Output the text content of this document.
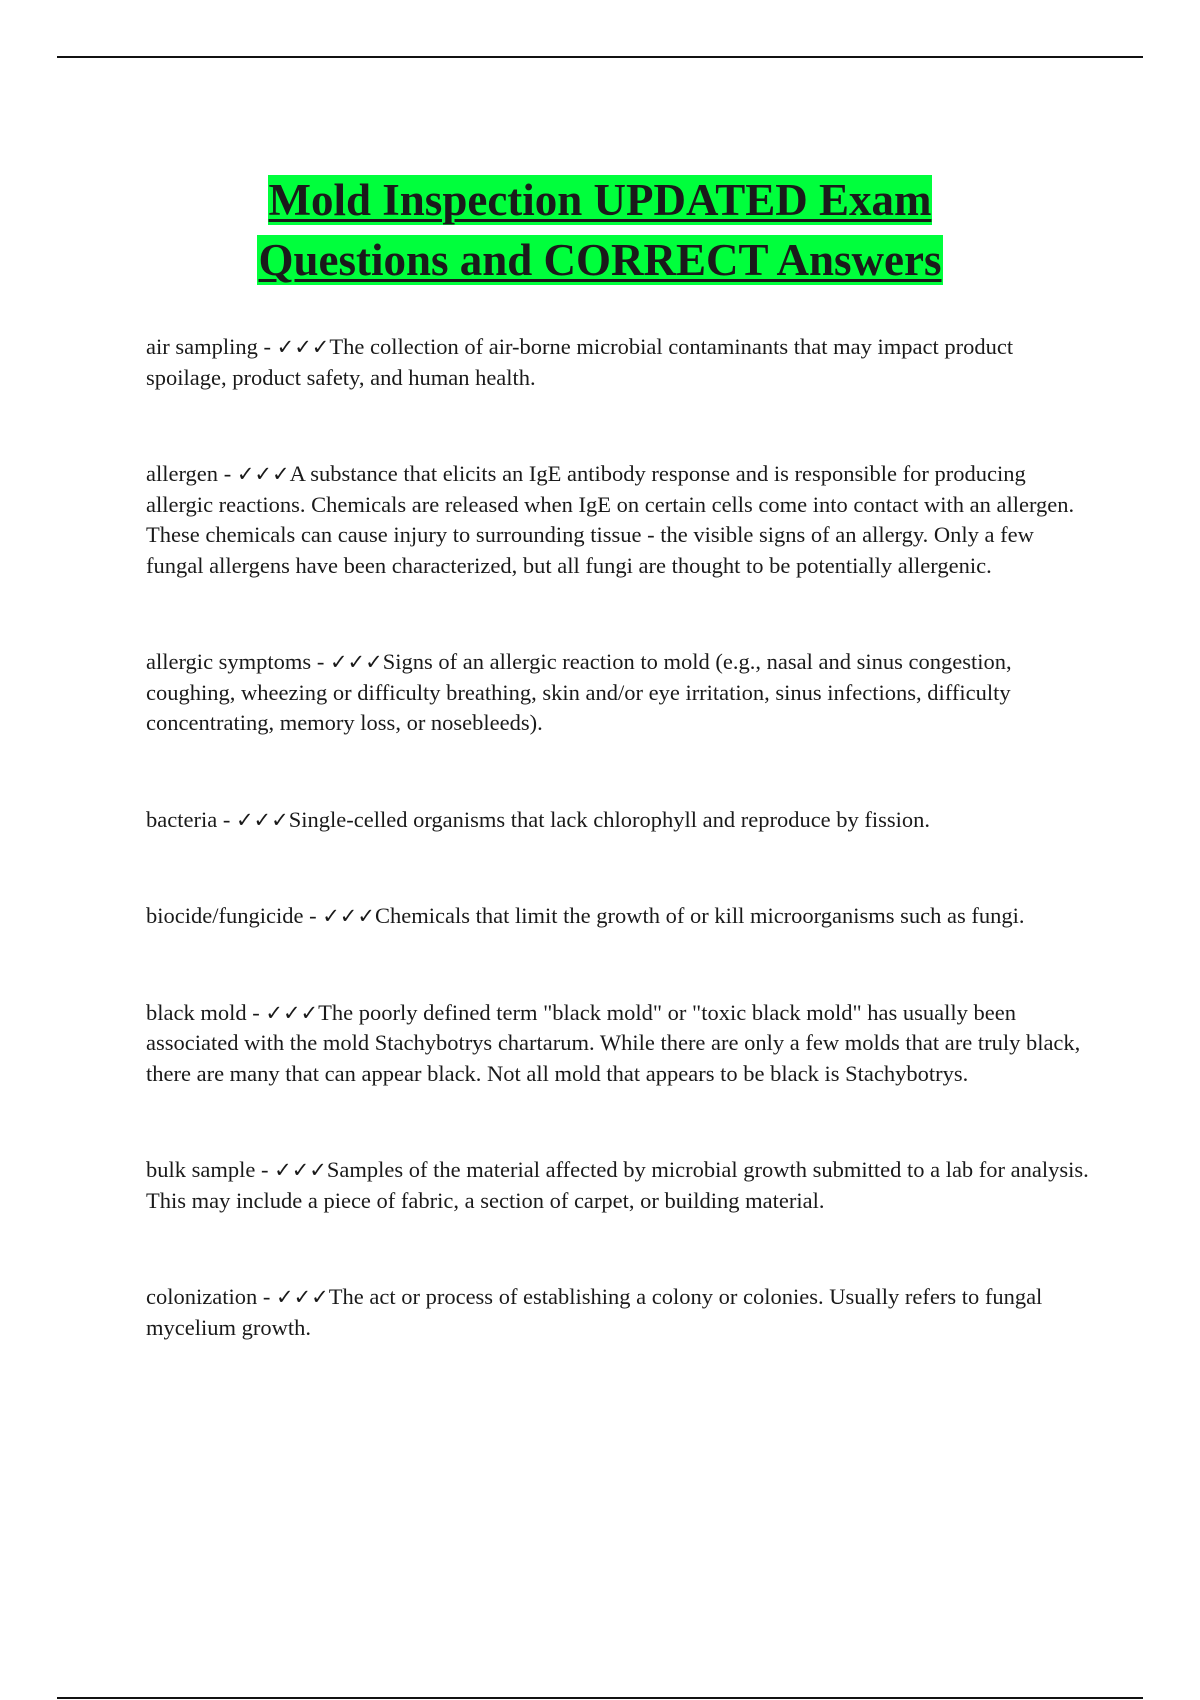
Mold Inspection UPDATED Exam
Questions and CORRECT Answers

air sampling - ✓✓✓The collection of air-borne microbial contaminants that may impact product spoilage, product safety, and human health.

allergen - ✓✓✓A substance that elicits an IgE antibody response and is responsible for producing allergic reactions. Chemicals are released when IgE on certain cells come into contact with an allergen. These chemicals can cause injury to surrounding tissue - the visible signs of an allergy. Only a few fungal allergens have been characterized, but all fungi are thought to be potentially allergenic.

allergic symptoms - ✓✓✓Signs of an allergic reaction to mold (e.g., nasal and sinus congestion, coughing, wheezing or difficulty breathing, skin and/or eye irritation, sinus infections, difficulty concentrating, memory loss, or nosebleeds).

bacteria - ✓✓✓Single-celled organisms that lack chlorophyll and reproduce by fission.

biocide/fungicide - ✓✓✓Chemicals that limit the growth of or kill microorganisms such as fungi.

black mold - ✓✓✓The poorly defined term "black mold" or "toxic black mold" has usually been associated with the mold Stachybotrys chartarum. While there are only a few molds that are truly black, there are many that can appear black. Not all mold that appears to be black is Stachybotrys.

bulk sample - ✓✓✓Samples of the material affected by microbial growth submitted to a lab for analysis. This may include a piece of fabric, a section of carpet, or building material.

colonization - ✓✓✓The act or process of establishing a colony or colonies. Usually refers to fungal mycelium growth.
